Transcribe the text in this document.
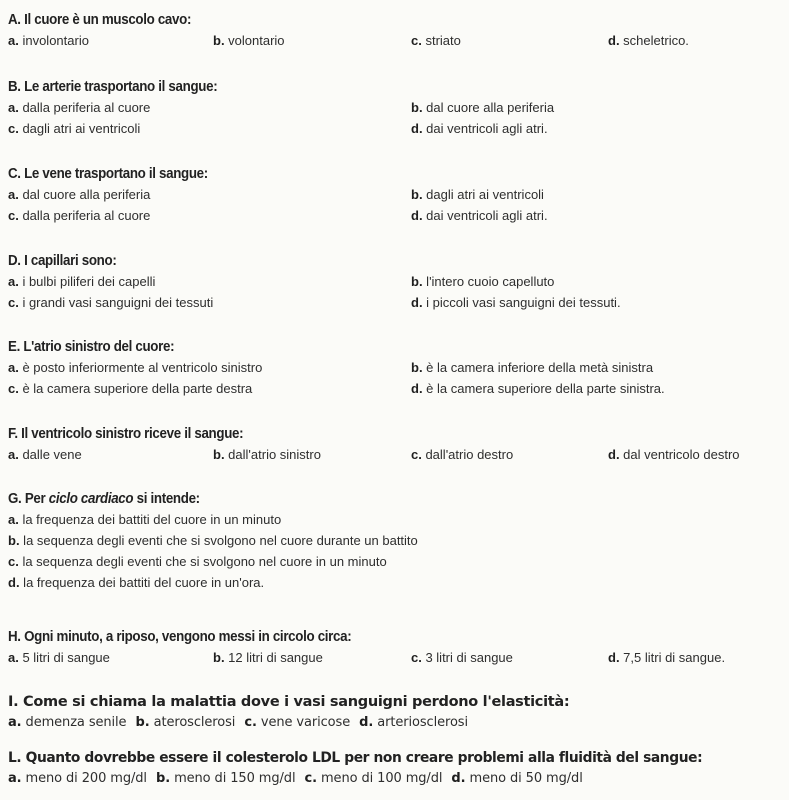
A. Il cuore è un muscolo cavo:
a. involontario	b. volontario	c. striato	d. scheletrico.
B. Le arterie trasportano il sangue:
a. dalla periferia al cuore	b. dal cuore alla periferia
c. dagli atri ai ventricoli	d. dai ventricoli agli atri.
C. Le vene trasportano il sangue:
a. dal cuore alla periferia	b. dagli atri ai ventricoli
c. dalla periferia al cuore	d. dai ventricoli agli atri.
D. I capillari sono:
a. i bulbi piliferi dei capelli	b. l'intero cuoio capelluto
c. i grandi vasi sanguigni dei tessuti	d. i piccoli vasi sanguigni dei tessuti.
E. L'atrio sinistro del cuore:
a. è posto inferiormente al ventricolo sinistro	b. è la camera inferiore della metà sinistra
c. è la camera superiore della parte destra	d. è la camera superiore della parte sinistra.
F. Il ventricolo sinistro riceve il sangue:
a. dalle vene	b. dall'atrio sinistro	c. dall'atrio destro	d. dal ventricolo destro
G. Per ciclo cardiaco si intende:
a. la frequenza dei battiti del cuore in un minuto
b. la sequenza degli eventi che si svolgono nel cuore durante un battito
c. la sequenza degli eventi che si svolgono nel cuore in un minuto
d. la frequenza dei battiti del cuore in un'ora.
H. Ogni minuto, a riposo, vengono messi in circolo circa:
a. 5 litri di sangue	b. 12 litri di sangue	c. 3 litri di sangue	d. 7,5 litri di sangue.
I. Come si chiama la malattia dove i vasi sanguigni perdono l'elasticità:
a. demenza senile b. aterosclerosi c. vene varicose d. arteriosclerosi
L. Quanto dovrebbe essere il colesterolo LDL per non creare problemi alla fluidità del sangue:
a. meno di 200 mg/dl b. meno di 150 mg/dl c. meno di 100 mg/dl d. meno di 50 mg/dl
